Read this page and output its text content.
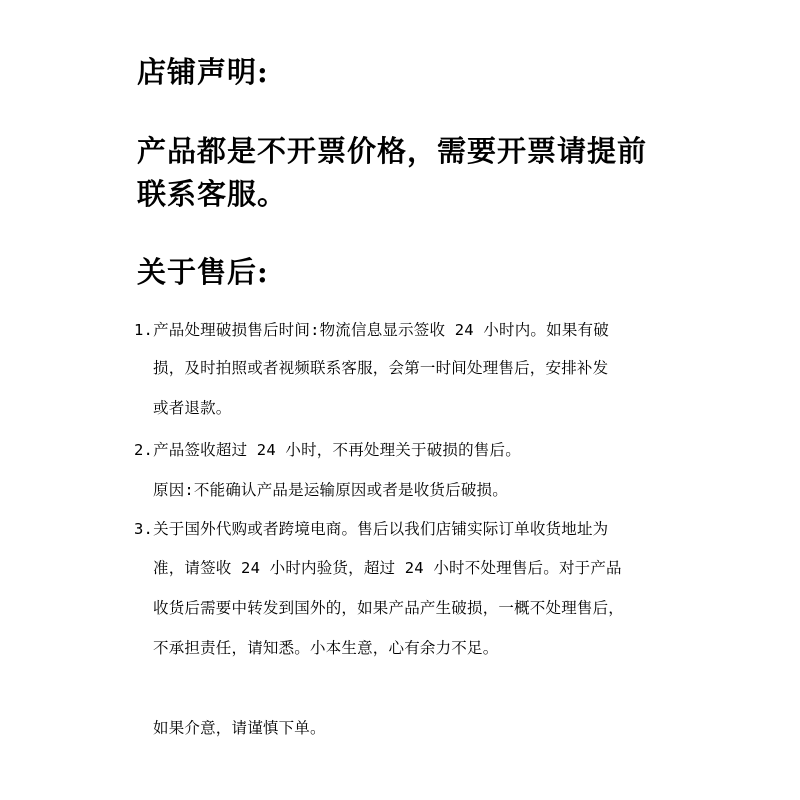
店铺声明:
产品都是不开票价格，需要开票请提前
联系客服。
关于售后:
1.产品处理破损售后时间:物流信息显示签收 24 小时内。如果有破
损，及时拍照或者视频联系客服，会第一时间处理售后，安排补发
或者退款。
2.产品签收超过 24 小时，不再处理关于破损的售后。
原因:不能确认产品是运输原因或者是收货后破损。
3.关于国外代购或者跨境电商。售后以我们店铺实际订单收货地址为
准，请签收 24 小时内验货，超过 24 小时不处理售后。对于产品
收货后需要中转发到国外的，如果产品产生破损，一概不处理售后，
不承担责任，请知悉。小本生意，心有余力不足。
如果介意，请谨慎下单。
